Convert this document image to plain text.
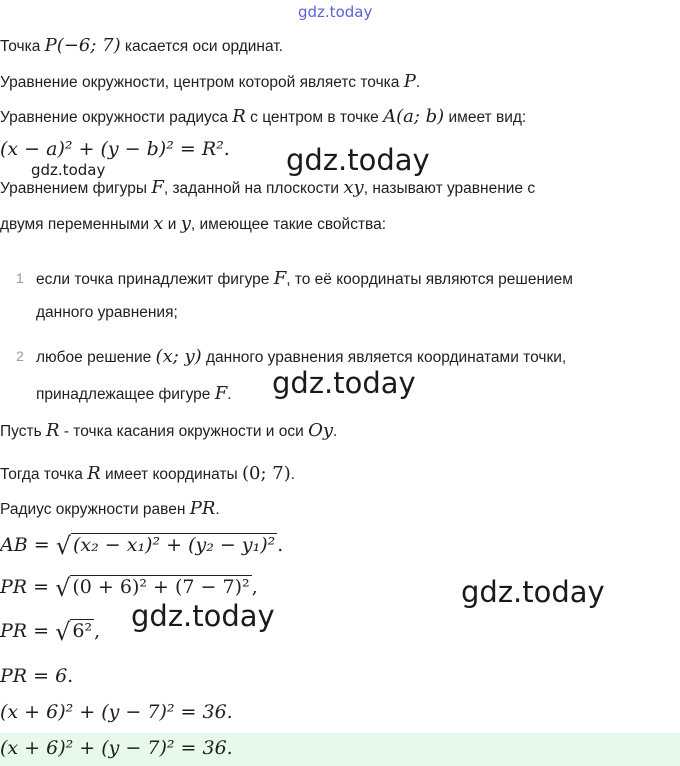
gdz.today
Точка P(−6; 7) касается оси ординат.
Уравнение окружности, центром которой являетс точка P.
Уравнение окружности радиуса R с центром в точке A(a; b) имеет вид:
(x − a)² + (y − b)² = R². gdz.today
gdz.today
Уравнением фигуры F, заданной на плоскости xy, называют уравнение с
двумя переменными x и y, имеющее такие свойства:
1 если точка принадлежит фигуре F, то её координаты являются решением
данного уравнения;
2 любое решение (x; y) данного уравнения является координатами точки,
принадлежащее фигуре F. gdz.today
Пусть R - точка касания окружности и оси Oy.
Тогда точка R имеет координаты (0; 7).
Радиус окружности равен PR.
AB = √ (x₂ − x₁)² + (y₂ − y₁)² .
PR = √ (0 + 6)² + (7 − 7)² ,	gdz.today
gdz.today
PR = √ 6² ,
PR = 6.
(x + 6)² + (y − 7)² = 36.
(x + 6)² + (y − 7)² = 36.
